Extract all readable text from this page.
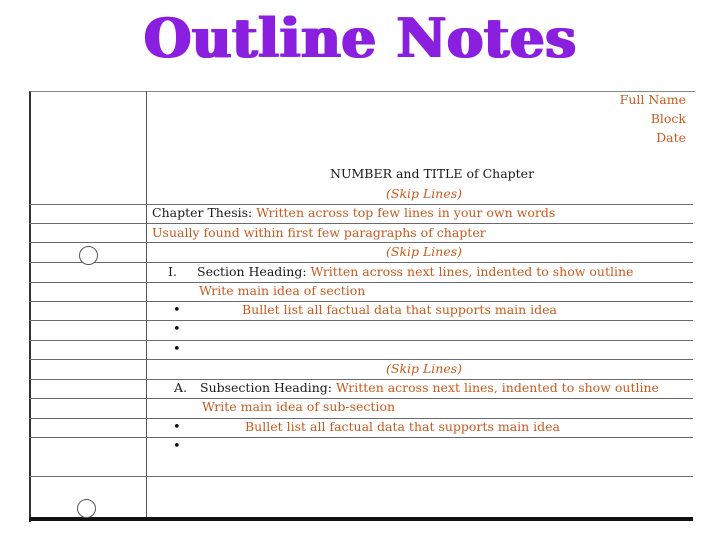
Outline Notes
Full Name
Block
Date
NUMBER and TITLE of Chapter
(Skip Lines)
Chapter Thesis: Written across top few lines in your own words
Usually found within first few paragraphs of chapter
(Skip Lines)
I. Section Heading: Written across next lines, indented to show outline
Write main idea of section
•	Bullet list all factual data that supports main idea
•
•
(Skip Lines)
A. Subsection Heading: Written across next lines, indented to show outline
Write main idea of sub-section
•	Bullet list all factual data that supports main idea
•
